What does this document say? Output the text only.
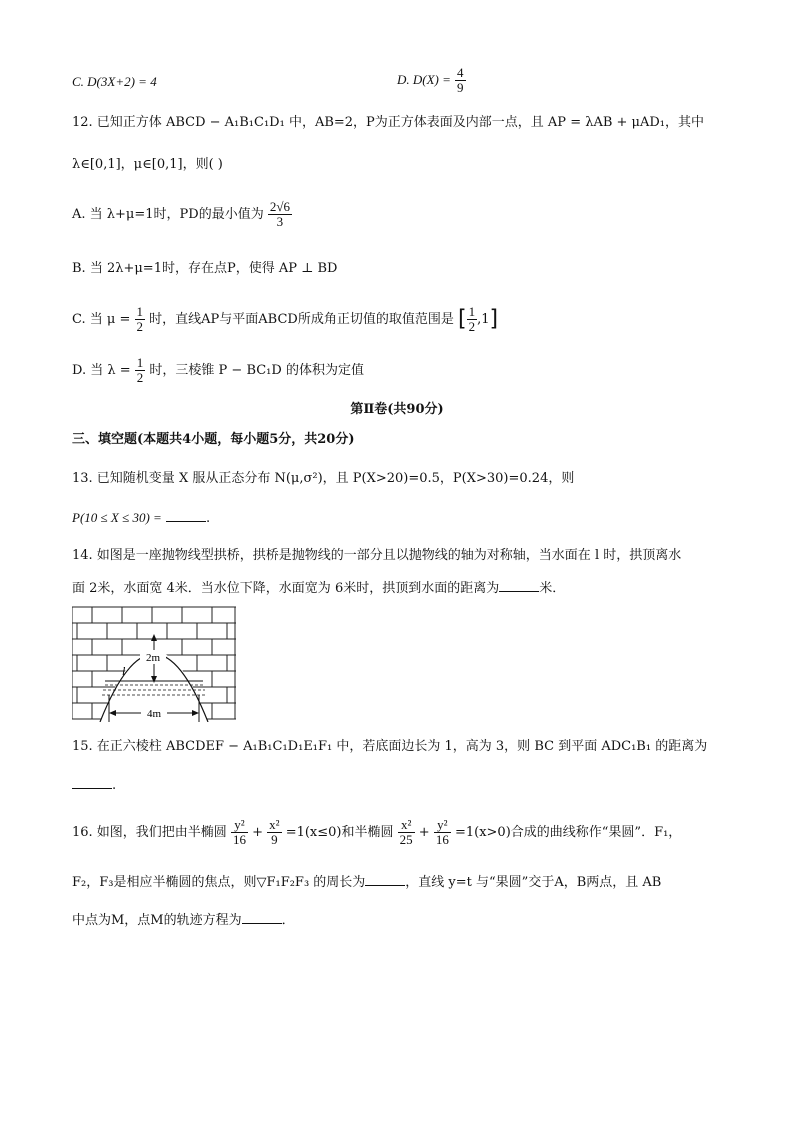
C. D(3X+2) = 4	D. $D(X) = \frac{4}{9}$
12. 已知正方体 ABCD − A₁B₁C₁D₁ 中，AB=2，P为正方体表面及内部一点，且 AP = λAB + μAD₁，其中
λ∈[0,1]，μ∈[0,1]，则( )
A. 当 λ+μ=1时，PD的最小值为 $\frac{2√6}{3}$
B. 当 2λ+μ=1时，存在点P，使得 AP ⊥ BD
C. 当 $\mu = \frac{1}{2}$ 时，直线AP与平面ABCD所成角正切值的取值范围是 [ $\frac{1}{2} ,1$]
D. 当 $\lambda = \frac{1}{2}$ 时，三棱锥 P − BC₁D 的体积为定值
第Ⅱ卷(共90分)
三、填空题(本题共4小题，每小题5分，共20分)
13. 已知随机变量 X 服从正态分布 N(μ,σ²)，且 P(X>20)=0.5，P(X>30)=0.24，则
P(10 ≤ X ≤ 30) =	.
14. 如图是一座抛物线型拱桥，拱桥是抛物线的一部分且以抛物线的轴为对称轴，当水面在 l 时，拱顶离水
面 2米，水面宽 4米．当水位下降，水面宽为 6米时，拱顶到水面的距离为	米．
4m
2m
l
15. 在正六棱柱 ABCDEF − A₁B₁C₁D₁E₁F₁ 中，若底面边长为 1，高为 3，则 BC 到平面 ADC₁B₁ 的距离为
.
16. 如图，我们把由半椭圆 $\frac{\text{y²}}{16} + \frac{\text{x²}}{9} =1(x\le 0)$和半椭圆 $\frac{\text{x²}}{25} + \frac{\text{y²}}{16} =1(x>0)$合成的曲线称作“果圆”．F₁，
F₂，F₃是相应半椭圆的焦点，则▽F₁F₂F₃ 的周长为	，直线 y=t 与“果圆”交于A，B两点，且 AB
中点为M，点M的轨迹方程为	．
